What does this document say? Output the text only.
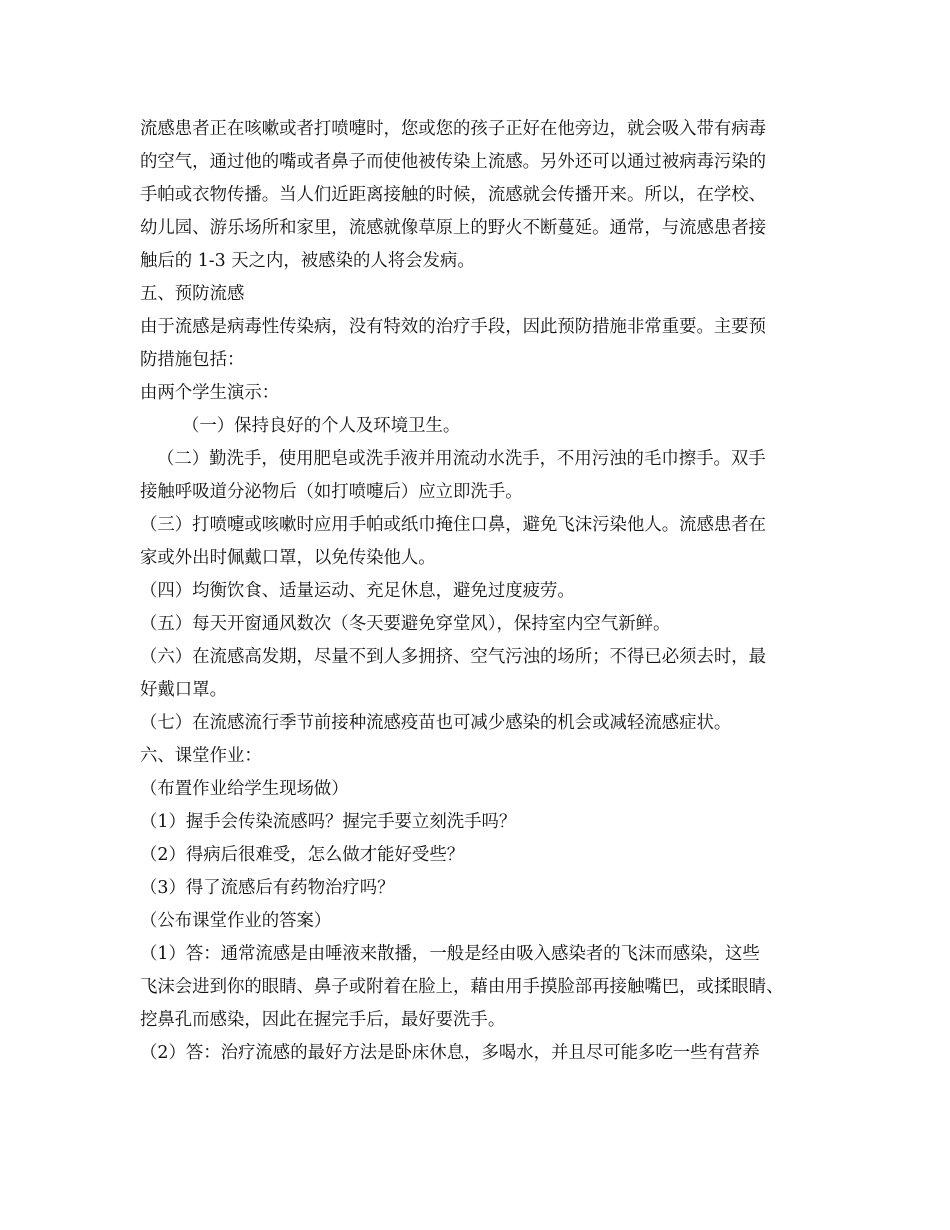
流感患者正在咳嗽或者打喷嚏时，您或您的孩子正好在他旁边，就会吸入带有病毒
的空气，通过他的嘴或者鼻子而使他被传染上流感。另外还可以通过被病毒污染的
手帕或衣物传播。当人们近距离接触的时候，流感就会传播开来。所以，在学校、
幼儿园、游乐场所和家里，流感就像草原上的野火不断蔓延。通常，与流感患者接
触后的 1-3 天之内，被感染的人将会发病。
五、预防流感
由于流感是病毒性传染病，没有特效的治疗手段，因此预防措施非常重要。主要预
防措施包括：
由两个学生演示：
（一）保持良好的个人及环境卫生。
（二）勤洗手，使用肥皂或洗手液并用流动水洗手，不用污浊的毛巾擦手。双手
接触呼吸道分泌物后（如打喷嚏后）应立即洗手。
（三）打喷嚏或咳嗽时应用手帕或纸巾掩住口鼻，避免飞沫污染他人。流感患者在
家或外出时佩戴口罩，以免传染他人。
（四）均衡饮食、适量运动、充足休息，避免过度疲劳。
（五）每天开窗通风数次（冬天要避免穿堂风），保持室内空气新鲜。
（六）在流感高发期，尽量不到人多拥挤、空气污浊的场所；不得已必须去时，最
好戴口罩。
（七）在流感流行季节前接种流感疫苗也可减少感染的机会或减轻流感症状。
六、课堂作业：
（布置作业给学生现场做）
（1）握手会传染流感吗？握完手要立刻洗手吗？
（2）得病后很难受，怎么做才能好受些？
（3）得了流感后有药物治疗吗？
（公布课堂作业的答案）
（1）答：通常流感是由唾液来散播，一般是经由吸入感染者的飞沫而感染，这些
飞沫会进到你的眼睛、鼻子或附着在脸上，藉由用手摸脸部再接触嘴巴，或揉眼睛、
挖鼻孔而感染，因此在握完手后，最好要洗手。
（2）答：治疗流感的最好方法是卧床休息，多喝水，并且尽可能多吃一些有营养
